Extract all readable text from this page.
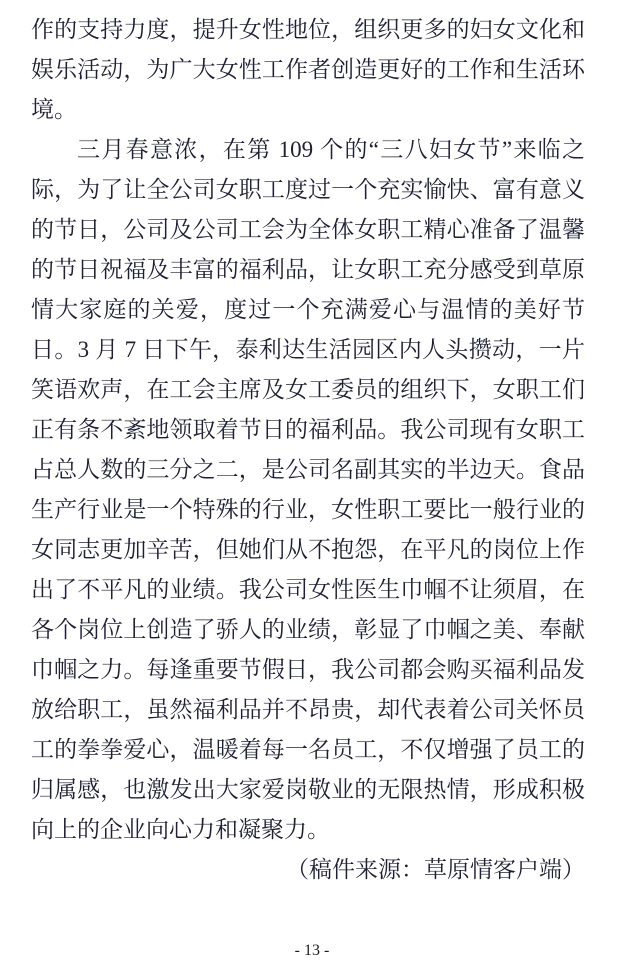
作的支持力度，提升女性地位，组织更多的妇女文化和娱乐活动，为广大女性工作者创造更好的工作和生活环境。

三月春意浓，在第 109 个的“三八妇女节”来临之际，为了让全公司女职工度过一个充实愉快、富有意义的节日，公司及公司工会为全体女职工精心准备了温馨的节日祝福及丰富的福利品，让女职工充分感受到草原情大家庭的关爱，度过一个充满爱心与温情的美好节日。3 月 7 日下午，泰利达生活园区内人头攒动，一片笑语欢声，在工会主席及女工委员的组织下，女职工们正有条不紊地领取着节日的福利品。我公司现有女职工占总人数的三分之二，是公司名副其实的半边天。食品生产行业是一个特殊的行业，女性职工要比一般行业的女同志更加辛苦，但她们从不抱怨，在平凡的岗位上作出了不平凡的业绩。我公司女性医生巾帼不让须眉，在各个岗位上创造了骄人的业绩，彰显了巾帼之美、奉献巾帼之力。每逢重要节假日，我公司都会购买福利品发放给职工，虽然福利品并不昂贵，却代表着公司关怀员工的拳拳爱心，温暖着每一名员工，不仅增强了员工的归属感，也激发出大家爱岗敬业的无限热情，形成积极向上的企业向心力和凝聚力。

（稿件来源：草原情客户端）

- 13 -
